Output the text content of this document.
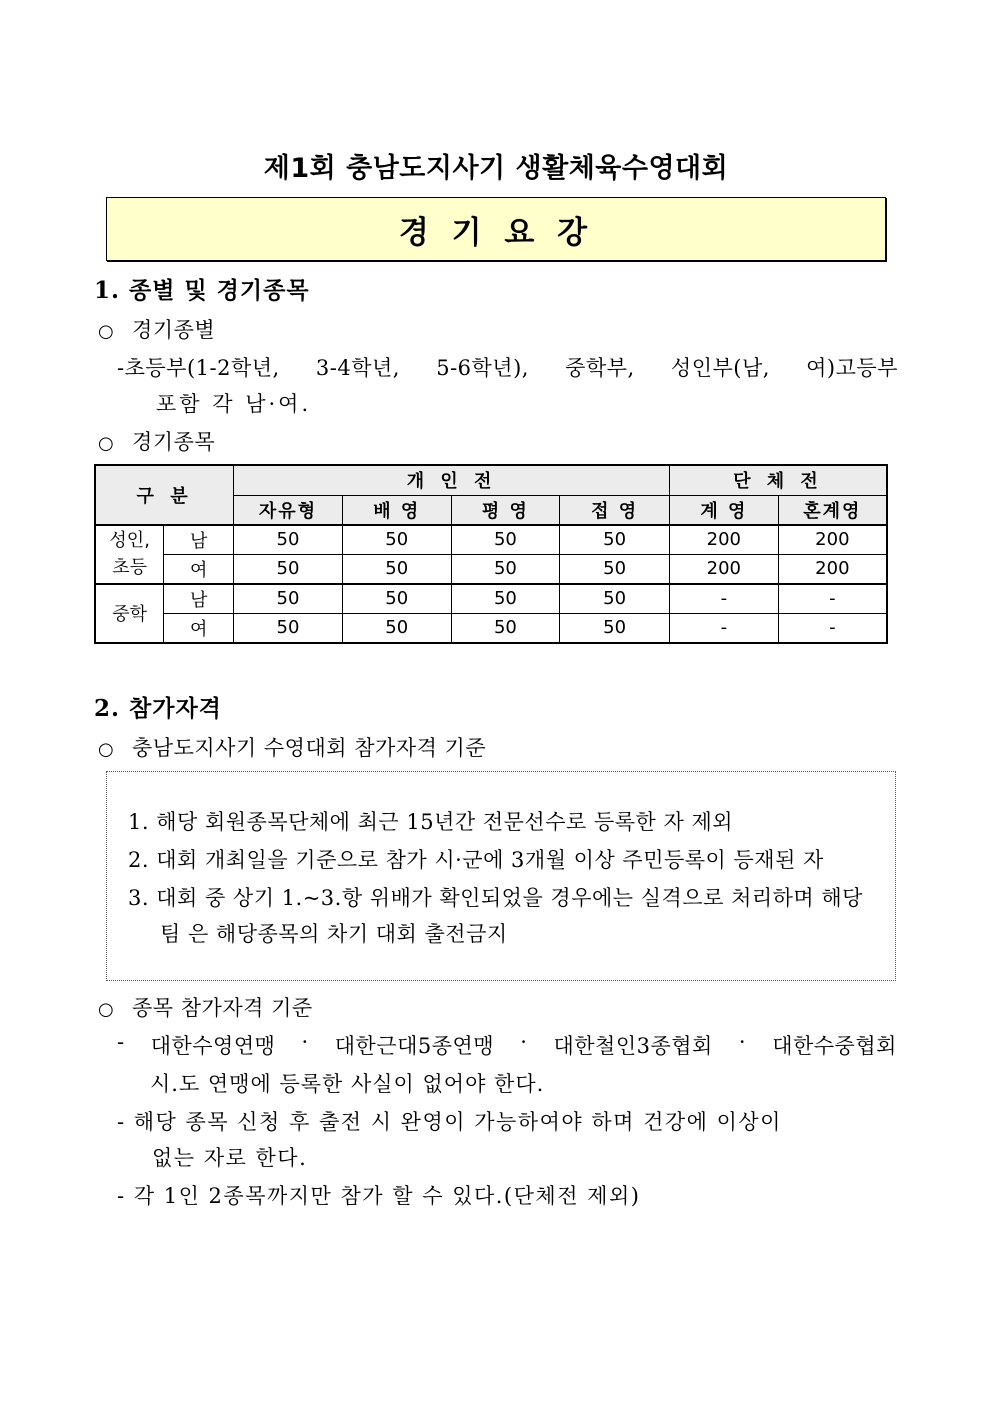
제1회 충남도지사기 생활체육수영대회
경 기 요 강
1. 종별 및 경기종목
○ 경기종별
-초등부(1-2학년, 3-4학년, 5-6학년), 중학부, 성인부(남, 여)고등부
포함 각 남·여.
○ 경기종목
구 분		개 인 전				단 체 전	
		자유형	배 영	평 영	접 영	계 영	혼계영
성인,
초등	남	50	50	50	50	200	200
	여	50	50	50	50	200	200
중학	남	50	50	50	50	-	-
	여	50	50	50	50	-	-
2. 참가자격
○ 충남도지사기 수영대회 참가자격 기준
1. 해당 회원종목단체에 최근 15년간 전문선수로 등록한 자 제외
2. 대회 개최일을 기준으로 참가 시·군에 3개월 이상 주민등록이 등재된 자
3. 대회 중 상기 1.~3.항 위배가 확인되었을 경우에는 실격으로 처리하며 해당
팀 은 해당종목의 차기 대회 출전금지
○ 종목 참가자격 기준
- 대한수영연맹 · 대한근대5종연맹 · 대한철인3종협회 · 대한수중협회
시.도 연맹에 등록한 사실이 없어야 한다.
- 해당 종목 신청 후 출전 시 완영이 가능하여야 하며 건강에 이상이
없는 자로 한다.
- 각 1인 2종목까지만 참가 할 수 있다.(단체전 제외)
